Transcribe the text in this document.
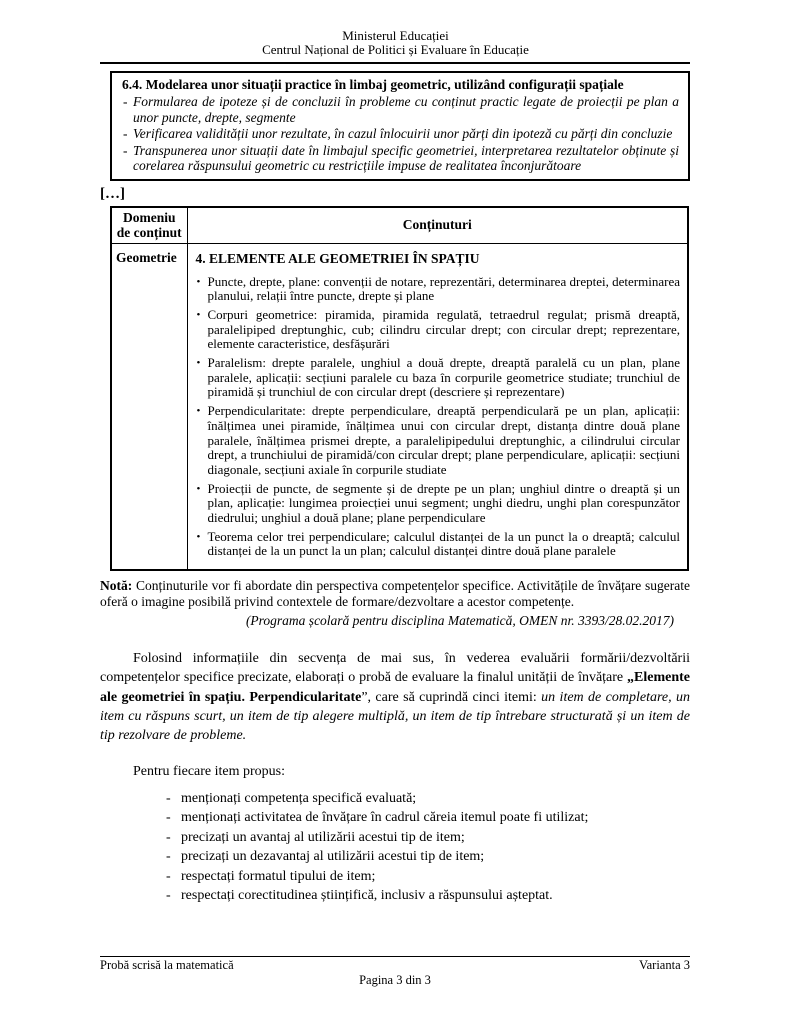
Ministerul Educației
Centrul Național de Politici și Evaluare în Educație
6.4. Modelarea unor situații practice în limbaj geometric, utilizând configurații spațiale
- Formularea de ipoteze și de concluzii în probleme cu conținut practic legate de proiecții pe plan a unor puncte, drepte, segmente
- Verificarea validității unor rezultate, în cazul înlocuirii unor părți din ipoteză cu părți din concluzie
- Transpunerea unor situații date în limbajul specific geometriei, interpretarea rezultatelor obținute și corelarea răspunsului geometric cu restricțiile impuse de realitatea înconjurătoare
[…]
Domeniu de conținut	Conținuturi
Geometrie	4. ELEMENTE ALE GEOMETRIEI ÎN SPAȚIU
• Puncte, drepte, plane: convenții de notare, reprezentări, determinarea dreptei, determinarea planului, relații între puncte, drepte și plane
• Corpuri geometrice: piramida, piramida regulată, tetraedrul regulat; prismă dreaptă, paralelipiped dreptunghic, cub; cilindru circular drept; con circular drept; reprezentare, elemente caracteristice, desfășurări
• Paralelism: drepte paralele, unghiul a două drepte, dreaptă paralelă cu un plan, plane paralele, aplicații: secțiuni paralele cu baza în corpurile geometrice studiate; trunchiul de piramidă și trunchiul de con circular drept (descriere și reprezentare)
• Perpendicularitate: drepte perpendiculare, dreaptă perpendiculară pe un plan, aplicații: înălțimea unei piramide, înălțimea unui con circular drept, distanța dintre două plane paralele, înălțimea prismei drepte, a paralelipipedului dreptunghic, a cilindrului circular drept, a trunchiului de piramidă/con circular drept; plane perpendiculare, aplicații: secțiuni diagonale, secțiuni axiale în corpurile studiate
• Proiecții de puncte, de segmente și de drepte pe un plan; unghiul dintre o dreaptă și un plan, aplicație: lungimea proiecției unui segment; unghi diedru, unghi plan corespunzător diedrului; unghiul a două plane; plane perpendiculare
• Teorema celor trei perpendiculare; calculul distanței de la un punct la o dreaptă; calculul distanței de la un punct la un plan; calculul distanței dintre două plane paralele

Notă: Conținuturile vor fi abordate din perspectiva competențelor specifice. Activitățile de învățare sugerate oferă o imagine posibilă privind contextele de formare/dezvoltare a acestor competențe.

(Programa școlară pentru disciplina Matematică, OMEN nr. 3393/28.02.2017)

Folosind informațiile din secvența de mai sus, în vederea evaluării formării/dezvoltării competențelor specifice precizate, elaborați o probă de evaluare la finalul unității de învățare „Elemente ale geometriei în spațiu. Perpendicularitate”, care să cuprindă cinci itemi: un item de completare, un item cu răspuns scurt, un item de tip alegere multiplă, un item de tip întrebare structurată și un item de tip rezolvare de probleme.

Pentru fiecare item propus:

- menționați competența specifică evaluată;
- menționați activitatea de învățare în cadrul căreia itemul poate fi utilizat;
- precizați un avantaj al utilizării acestui tip de item;
- precizați un dezavantaj al utilizării acestui tip de item;
- respectați formatul tipului de item;
- respectați corectitudinea științifică, inclusiv a răspunsului așteptat.
Probă scrisă la matematică	Varianta 3
Pagina 3 din 3
